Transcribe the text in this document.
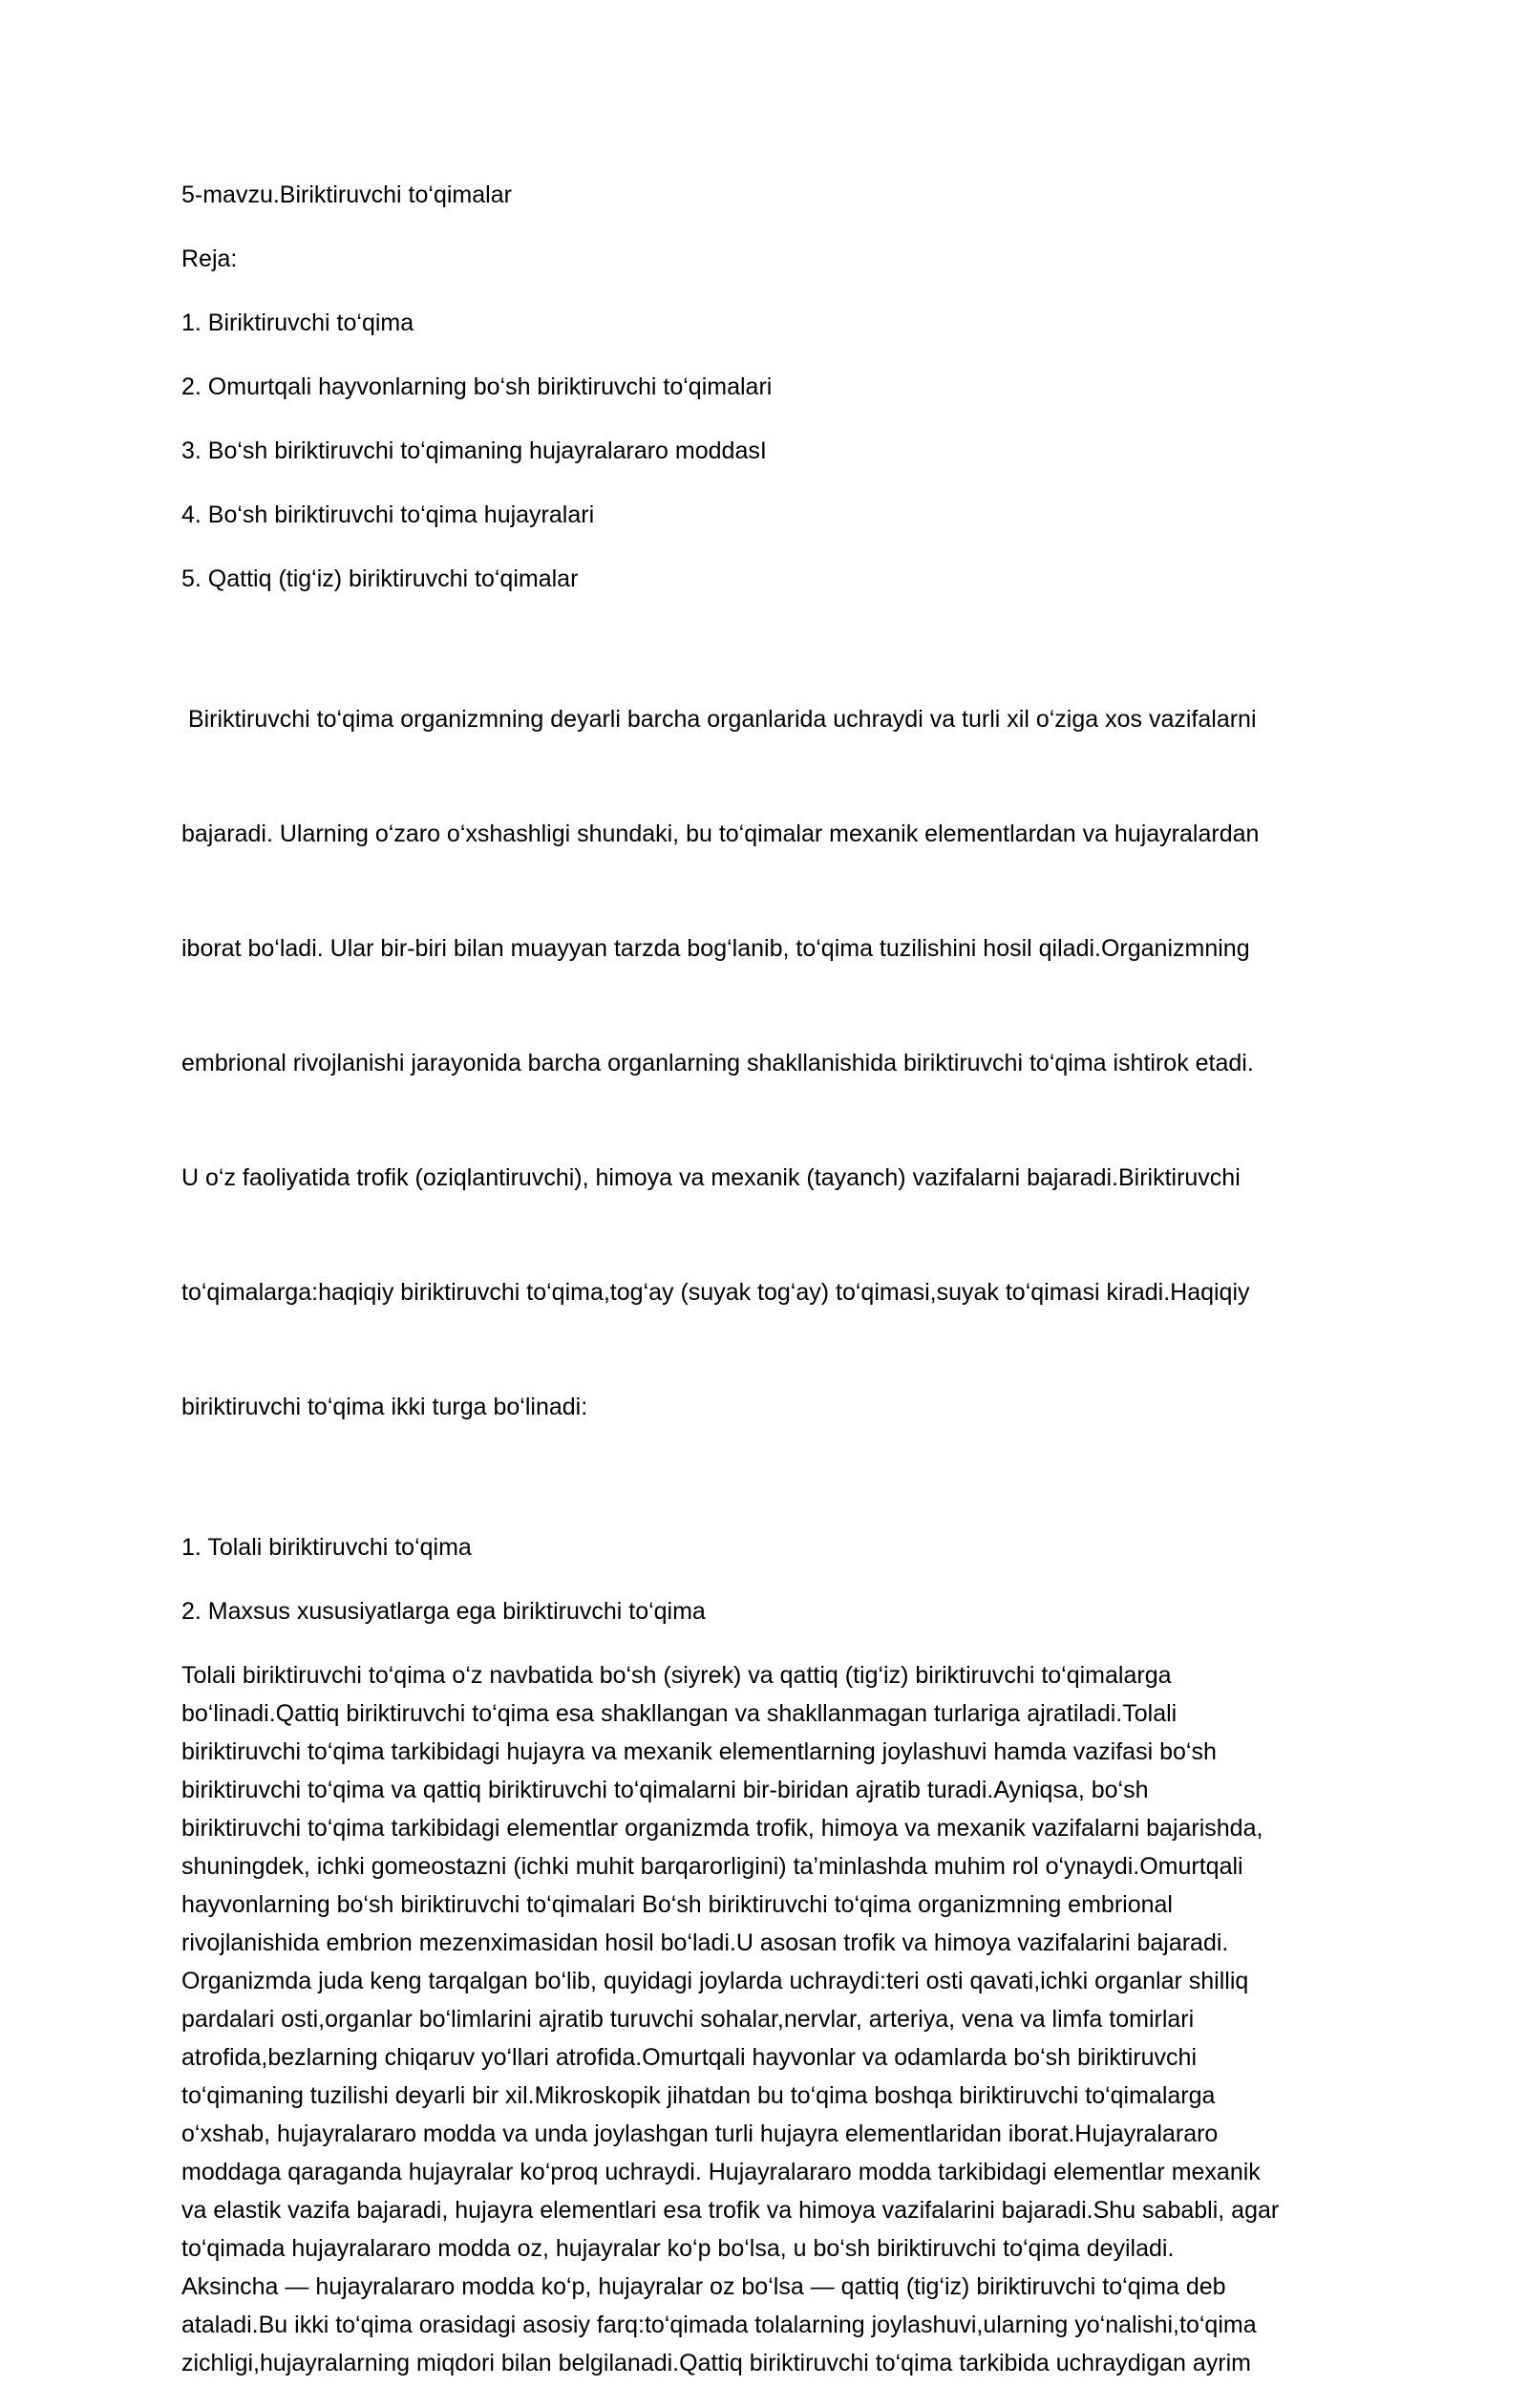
5-mavzu.Biriktiruvchi to‘qimalar
Reja:
1. Biriktiruvchi to‘qima
2. Omurtqali hayvonlarning bo‘sh biriktiruvchi to‘qimalari
3. Bo‘sh biriktiruvchi to‘qimaning hujayralararo moddasI
4. Bo‘sh biriktiruvchi to‘qima hujayralari
5. Qattiq (tig‘iz) biriktiruvchi to‘qimalar

Biriktiruvchi to‘qima organizmning deyarli barcha organlarida uchraydi va turli xil o‘ziga xos vazifalarni

bajaradi. Ularning o‘zaro o‘xshashligi shundaki, bu to‘qimalar mexanik elementlardan va hujayralardan

iborat bo‘ladi. Ular bir-biri bilan muayyan tarzda bog‘lanib, to‘qima tuzilishini hosil qiladi.Organizmning

embrional rivojlanishi jarayonida barcha organlarning shakllanishida biriktiruvchi to‘qima ishtirok etadi.

U o‘z faoliyatida trofik (oziqlantiruvchi), himoya va mexanik (tayanch) vazifalarni bajaradi.Biriktiruvchi

to‘qimalarga:haqiqiy biriktiruvchi to‘qima,tog‘ay (suyak tog‘ay) to‘qimasi,suyak to‘qimasi kiradi.Haqiqiy

biriktiruvchi to‘qima ikki turga bo‘linadi:

1. Tolali biriktiruvchi to‘qima
2. Maxsus xususiyatlarga ega biriktiruvchi to‘qima
Tolali biriktiruvchi to‘qima o‘z navbatida bo‘sh (siyrek) va qattiq (tig‘iz) biriktiruvchi to‘qimalarga
bo‘linadi.Qattiq biriktiruvchi to‘qima esa shakllangan va shakllanmagan turlariga ajratiladi.Tolali
biriktiruvchi to‘qima tarkibidagi hujayra va mexanik elementlarning joylashuvi hamda vazifasi bo‘sh
biriktiruvchi to‘qima va qattiq biriktiruvchi to‘qimalarni bir-biridan ajratib turadi.Ayniqsa, bo‘sh
biriktiruvchi to‘qima tarkibidagi elementlar organizmda trofik, himoya va mexanik vazifalarni bajarishda,
shuningdek, ichki gomeostazni (ichki muhit barqarorligini) ta’minlashda muhim rol o‘ynaydi.Omurtqali
hayvonlarning bo‘sh biriktiruvchi to‘qimalari Bo‘sh biriktiruvchi to‘qima organizmning embrional
rivojlanishida embrion mezenximasidan hosil bo‘ladi.U asosan trofik va himoya vazifalarini bajaradi.
Organizmda juda keng tarqalgan bo‘lib, quyidagi joylarda uchraydi:teri osti qavati,ichki organlar shilliq
pardalari osti,organlar bo‘limlarini ajratib turuvchi sohalar,nervlar, arteriya, vena va limfa tomirlari
atrofida,bezlarning chiqaruv yo‘llari atrofida.Omurtqali hayvonlar va odamlarda bo‘sh biriktiruvchi
to‘qimaning tuzilishi deyarli bir xil.Mikroskopik jihatdan bu to‘qima boshqa biriktiruvchi to‘qimalarga
o‘xshab, hujayralararo modda va unda joylashgan turli hujayra elementlaridan iborat.Hujayralararo
moddaga qaraganda hujayralar ko‘proq uchraydi. Hujayralararo modda tarkibidagi elementlar mexanik
va elastik vazifa bajaradi, hujayra elementlari esa trofik va himoya vazifalarini bajaradi.Shu sababli, agar
to‘qimada hujayralararo modda oz, hujayralar ko‘p bo‘lsa, u bo‘sh biriktiruvchi to‘qima deyiladi.
Aksincha — hujayralararo modda ko‘p, hujayralar oz bo‘lsa — qattiq (tig‘iz) biriktiruvchi to‘qima deb
ataladi.Bu ikki to‘qima orasidagi asosiy farq:to‘qimada tolalarning joylashuvi,ularning yo‘nalishi,to‘qima
zichligi,hujayralarning miqdori bilan belgilanadi.Qattiq biriktiruvchi to‘qima tarkibida uchraydigan ayrim
